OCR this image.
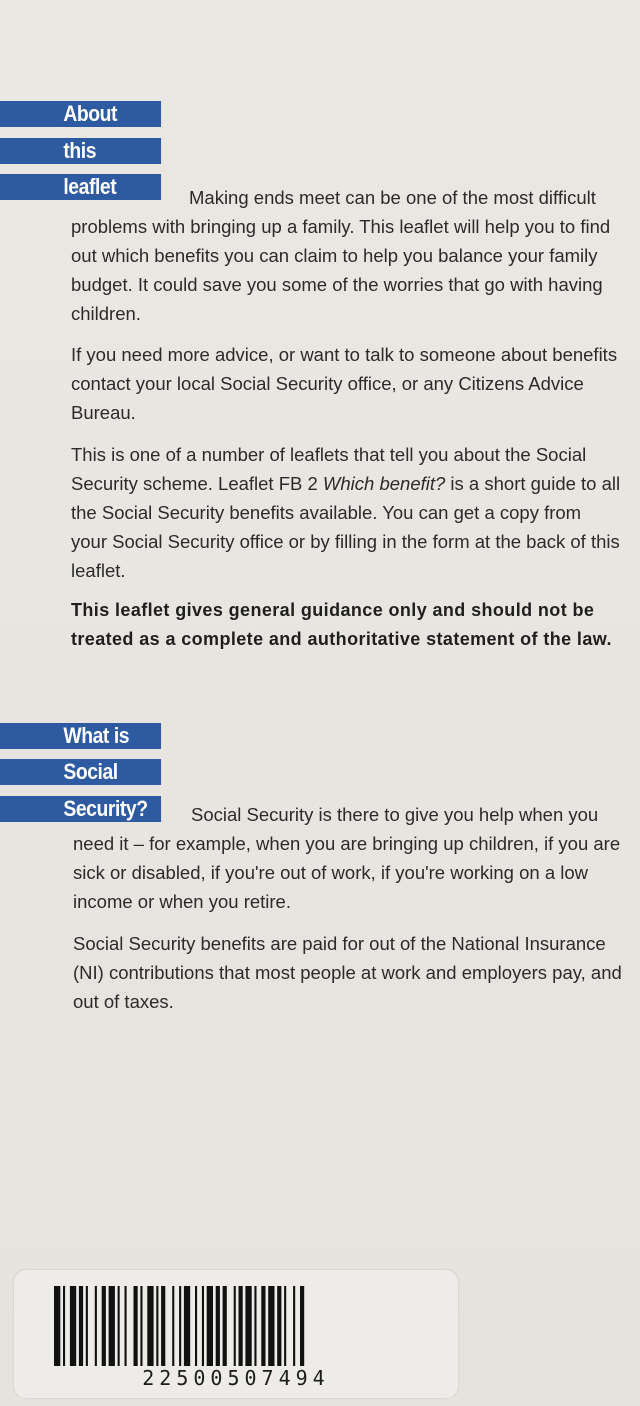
About
this
leaflet	Making ends meet can be one of the most difficult problems with bringing up a family. This leaflet will help you to find out which benefits you can claim to help you balance your family budget. It could save you some of the worries that go with having children.

If you need more advice, or want to talk to someone about benefits contact your local Social Security office, or any Citizens Advice Bureau.

This is one of a number of leaflets that tell you about the Social Security scheme. Leaflet FB 2 Which benefit? is a short guide to all the Social Security benefits available. You can get a copy from your Social Security office or by filling in the form at the back of this leaflet.

This leaflet gives general guidance only and should not be treated as a complete and authoritative statement of the law.

What is
Social
Security?	Social Security is there to give you help when you need it – for example, when you are bringing up children, if you are sick or disabled, if you're out of work, if you're working on a low income or when you retire.

Social Security benefits are paid for out of the National Insurance (NI) contributions that most people at work and employers pay, and out of taxes.

22500507494
